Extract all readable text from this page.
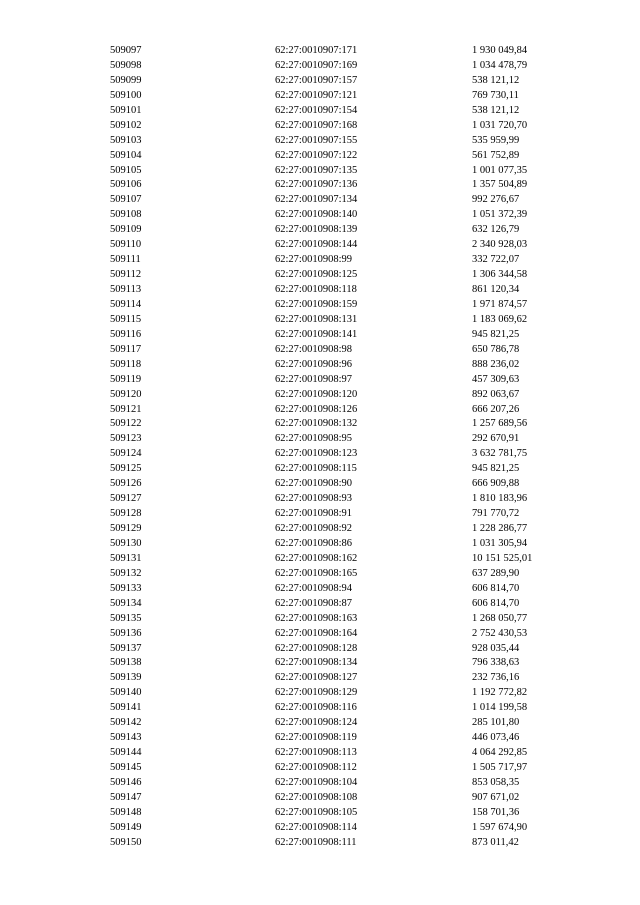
509097	62:27:0010907:171	1 930 049,84
509098	62:27:0010907:169	1 034 478,79
509099	62:27:0010907:157	538 121,12
509100	62:27:0010907:121	769 730,11
509101	62:27:0010907:154	538 121,12
509102	62:27:0010907:168	1 031 720,70
509103	62:27:0010907:155	535 959,99
509104	62:27:0010907:122	561 752,89
509105	62:27:0010907:135	1 001 077,35
509106	62:27:0010907:136	1 357 504,89
509107	62:27:0010907:134	992 276,67
509108	62:27:0010908:140	1 051 372,39
509109	62:27:0010908:139	632 126,79
509110	62:27:0010908:144	2 340 928,03
509111	62:27:0010908:99	332 722,07
509112	62:27:0010908:125	1 306 344,58
509113	62:27:0010908:118	861 120,34
509114	62:27:0010908:159	1 971 874,57
509115	62:27:0010908:131	1 183 069,62
509116	62:27:0010908:141	945 821,25
509117	62:27:0010908:98	650 786,78
509118	62:27:0010908:96	888 236,02
509119	62:27:0010908:97	457 309,63
509120	62:27:0010908:120	892 063,67
509121	62:27:0010908:126	666 207,26
509122	62:27:0010908:132	1 257 689,56
509123	62:27:0010908:95	292 670,91
509124	62:27:0010908:123	3 632 781,75
509125	62:27:0010908:115	945 821,25
509126	62:27:0010908:90	666 909,88
509127	62:27:0010908:93	1 810 183,96
509128	62:27:0010908:91	791 770,72
509129	62:27:0010908:92	1 228 286,77
509130	62:27:0010908:86	1 031 305,94
509131	62:27:0010908:162	10 151 525,01
509132	62:27:0010908:165	637 289,90
509133	62:27:0010908:94	606 814,70
509134	62:27:0010908:87	606 814,70
509135	62:27:0010908:163	1 268 050,77
509136	62:27:0010908:164	2 752 430,53
509137	62:27:0010908:128	928 035,44
509138	62:27:0010908:134	796 338,63
509139	62:27:0010908:127	232 736,16
509140	62:27:0010908:129	1 192 772,82
509141	62:27:0010908:116	1 014 199,58
509142	62:27:0010908:124	285 101,80
509143	62:27:0010908:119	446 073,46
509144	62:27:0010908:113	4 064 292,85
509145	62:27:0010908:112	1 505 717,97
509146	62:27:0010908:104	853 058,35
509147	62:27:0010908:108	907 671,02
509148	62:27:0010908:105	158 701,36
509149	62:27:0010908:114	1 597 674,90
509150	62:27:0010908:111	873 011,42
